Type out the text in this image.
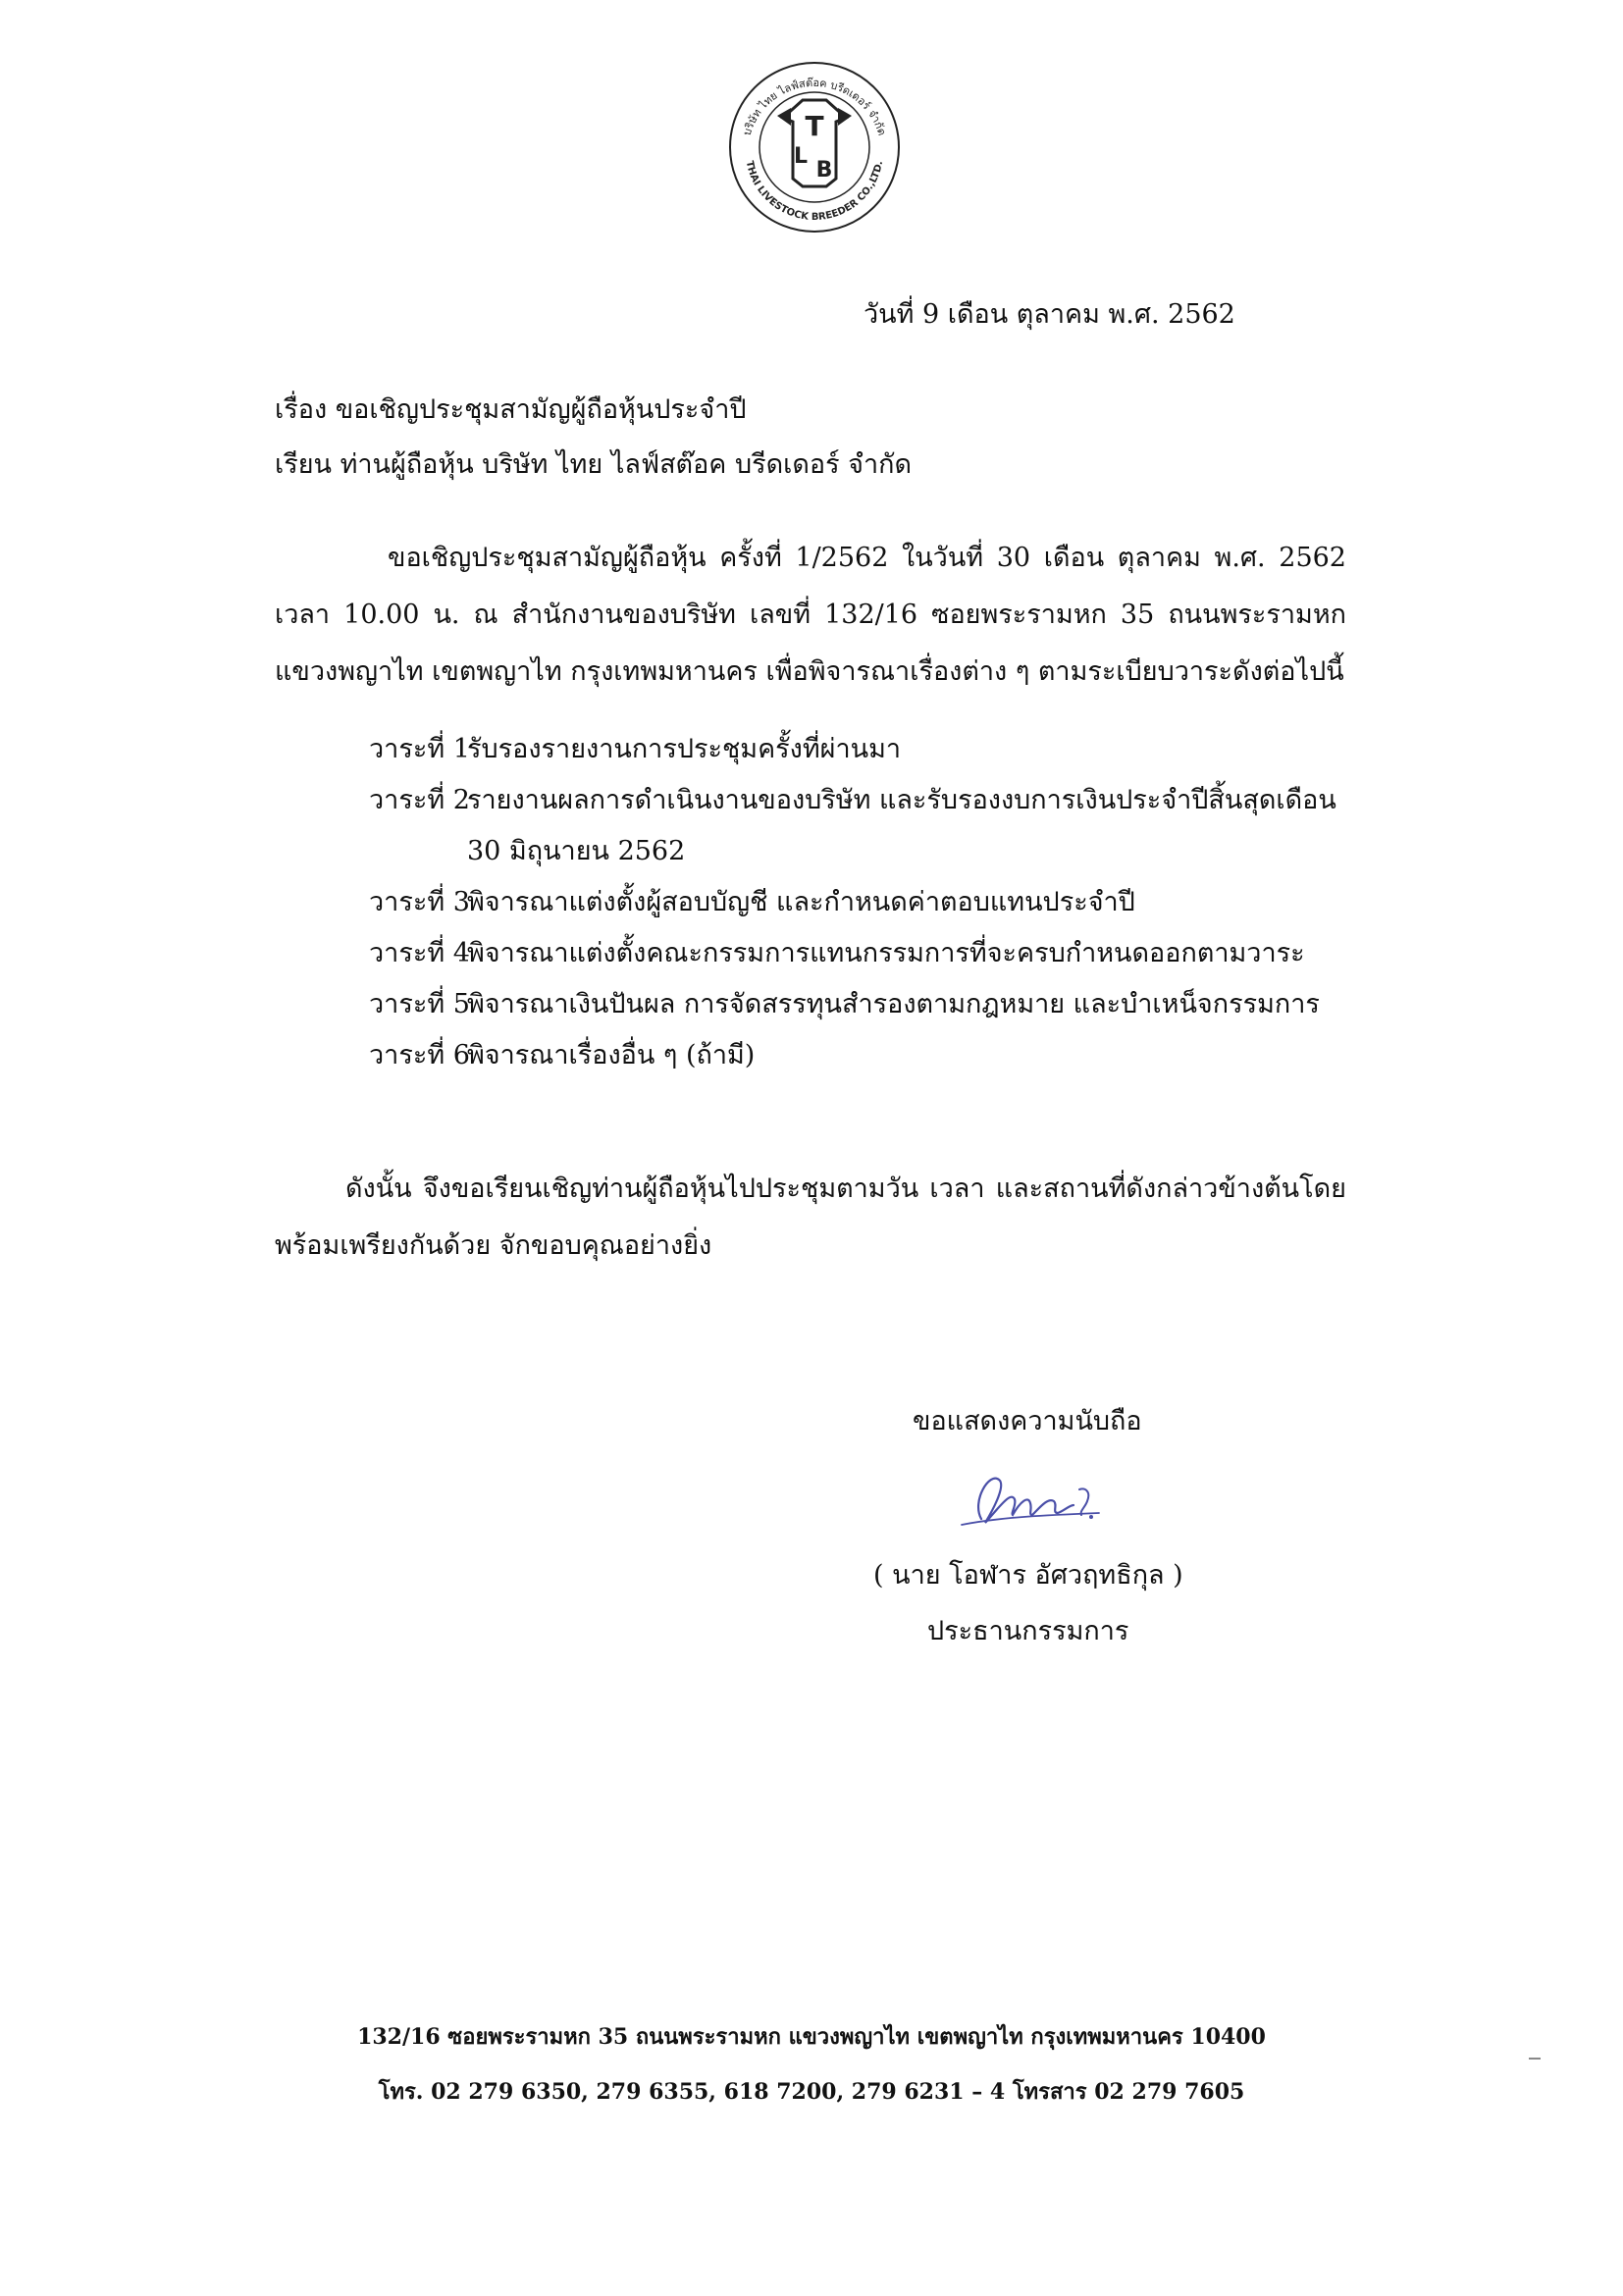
บริษัท ไทย ไลฟ์สต๊อค บรีดเดอร์ จำกัด
THAI LIVESTOCK BREEDER CO.,LTD.
T
L
B
วันที่ 9 เดือน ตุลาคม พ.ศ. 2562
เรื่อง ขอเชิญประชุมสามัญผู้ถือหุ้นประจำปี
เรียน ท่านผู้ถือหุ้น บริษัท ไทย ไลฟ์สต๊อค บรีดเดอร์ จำกัด
ขอเชิญประชุมสามัญผู้ถือหุ้น ครั้งที่ 1/2562 ในวันที่ 30 เดือน ตุลาคม พ.ศ. 2562 เวลา 10.00 น. ณ สำนักงานของบริษัท เลขที่ 132/16 ซอยพระรามหก 35 ถนนพระรามหก แขวงพญาไท เขตพญาไท กรุงเทพมหานคร เพื่อพิจารณาเรื่องต่าง ๆ ตามระเบียบวาระดังต่อไปนี้
วาระที่ 1
รับรองรายงานการประชุมครั้งที่ผ่านมา
วาระที่ 2
รายงานผลการดำเนินงานของบริษัท และรับรองงบการเงินประจำปีสิ้นสุดเดือน 30 มิถุนายน 2562
วาระที่ 3
พิจารณาแต่งตั้งผู้สอบบัญชี และกำหนดค่าตอบแทนประจำปี
วาระที่ 4
พิจารณาแต่งตั้งคณะกรรมการแทนกรรมการที่จะครบกำหนดออกตามวาระ
วาระที่ 5
พิจารณาเงินปันผล การจัดสรรทุนสำรองตามกฎหมาย และบำเหน็จกรรมการ
วาระที่ 6
พิจารณาเรื่องอื่น ๆ (ถ้ามี)
ดังนั้น จึงขอเรียนเชิญท่านผู้ถือหุ้นไปประชุมตามวัน เวลา และสถานที่ดังกล่าวข้างต้นโดยพร้อมเพรียงกันด้วย จักขอบคุณอย่างยิ่ง
ขอแสดงความนับถือ
( นาย โอฬาร อัศวฤทธิกุล )
ประธานกรรมการ
132/16 ซอยพระรามหก 35 ถนนพระรามหก แขวงพญาไท เขตพญาไท กรุงเทพมหานคร 10400
โทร. 02 279 6350, 279 6355, 618 7200, 279 6231 – 4 โทรสาร 02 279 7605
